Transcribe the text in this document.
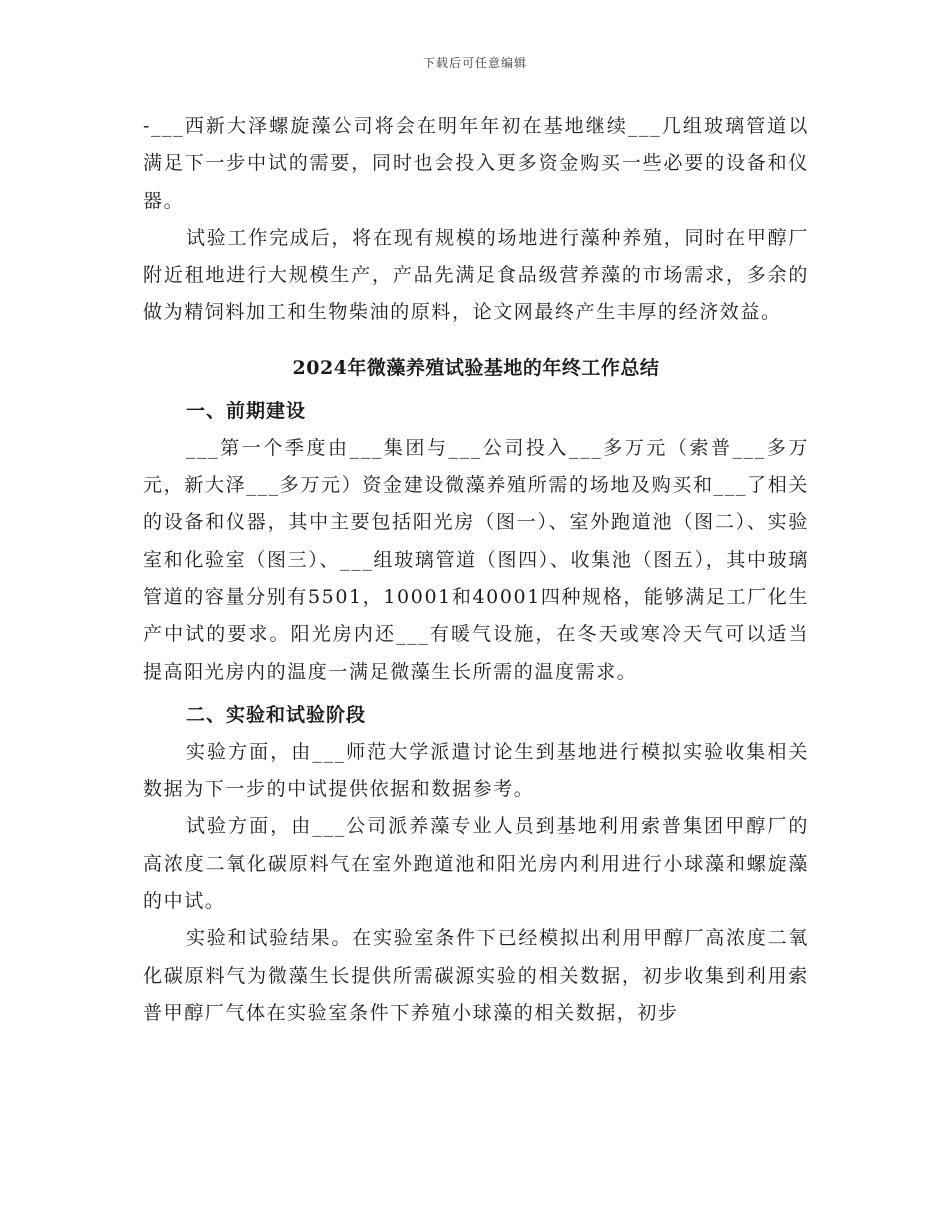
下载后可任意编辑

-___西新大泽螺旋藻公司将会在明年年初在基地继续___几组玻璃管道以满足下一步中试的需要，同时也会投入更多资金购买一些必要的设备和仪器。

试验工作完成后，将在现有规模的场地进行藻种养殖，同时在甲醇厂附近租地进行大规模生产，产品先满足食品级营养藻的市场需求，多余的做为精饲料加工和生物柴油的原料，论文网最终产生丰厚的经济效益。

2024年微藻养殖试验基地的年终工作总结

一、前期建设

___第一个季度由___集团与___公司投入___多万元（索普___多万元，新大泽___多万元）资金建设微藻养殖所需的场地及购买和___了相关的设备和仪器，其中主要包括阳光房（图一）、室外跑道池（图二）、实验室和化验室（图三）、___组玻璃管道（图四）、收集池（图五），其中玻璃管道的容量分别有5501，10001和40001四种规格，能够满足工厂化生产中试的要求。阳光房内还___有暖气设施，在冬天或寒冷天气可以适当提高阳光房内的温度一满足微藻生长所需的温度需求。

二、实验和试验阶段

实验方面，由___师范大学派遣讨论生到基地进行模拟实验收集相关数据为下一步的中试提供依据和数据参考。

试验方面，由___公司派养藻专业人员到基地利用索普集团甲醇厂的高浓度二氧化碳原料气在室外跑道池和阳光房内利用进行小球藻和螺旋藻的中试。

实验和试验结果。在实验室条件下已经模拟出利用甲醇厂高浓度二氧化碳原料气为微藻生长提供所需碳源实验的相关数据，初步收集到利用索普甲醇厂气体在实验室条件下养殖小球藻的相关数据，初步
